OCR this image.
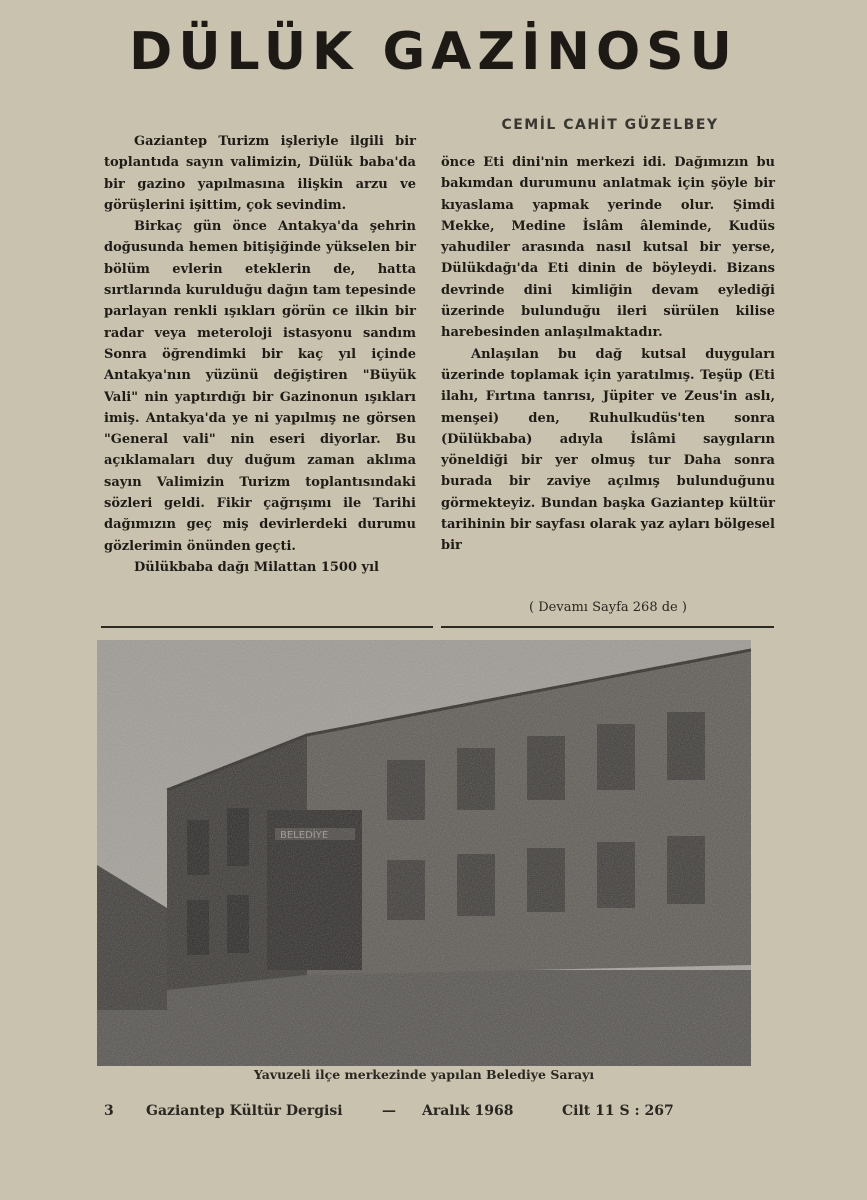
DÜLÜK GAZİNOSU
CEMİL CAHİT GÜZELBEY

Gaziantep Turizm işleriyle ilgili bir toplantıda sayın valimizin, Dülük baba'da bir gazino yapılmasına ilişkin arzu ve görüşlerini işittim, çok sevindim.

Birkaç gün önce Antakya'da şehrin doğusunda hemen bitişiğinde yükselen bir bölüm evlerin eteklerin de, hatta sırtlarında kurulduğu dağın tam tepesinde parlayan renkli ışıkları görün ce ilkin bir radar veya meteroloji istasyonu sandım Sonra öğrendimki bir kaç yıl içinde Antakya'nın yüzünü değiştiren "Büyük Vali" nin yaptırdığı bir Gazinonun ışıkları imiş. Antakya'da ye ni yapılmış ne görsen "General vali" nin eseri diyorlar. Bu açıklamaları duy duğum zaman aklıma sayın Valimizin Turizm toplantısındaki sözleri geldi. Fikir çağrışımı ile Tarihi dağımızın geç miş devirlerdeki durumu gözlerimin önünden geçti.

Dülükbaba dağı Milattan 1500 yıl

önce Eti dini'nin merkezi idi. Dağımızın bu bakımdan durumunu anlatmak için şöyle bir kıyaslama yapmak yerinde olur. Şimdi Mekke, Medine İslâm âleminde, Kudüs yahudiler arasında nasıl kutsal bir yerse, Dülükdağı'da Eti dinin de böyleydi. Bizans devrinde dini kimliğin devam eylediği üzerinde bulunduğu ileri sürülen kilise harebesinden anlaşılmaktadır.

Anlaşılan bu dağ kutsal duyguları üzerinde toplamak için yaratılmış. Teşüp (Eti ilahı, Fırtına tanrısı, Jüpiter ve Zeus'in aslı, menşei) den, Ruhulkudüs'ten sonra (Dülükbaba) adıyla İslâmi saygıların yöneldiği bir yer olmuş tur Daha sonra burada bir zaviye açılmış bulunduğunu görmekteyiz. Bundan başka Gaziantep kültür tarihinin bir sayfası olarak yaz ayları bölgesel bir

( Devamı Sayfa 268 de )
Yavuzeli ilçe merkezinde yapılan Belediye Sarayı
3 Gaziantep Kültür Dergisi	— Aralık 1968	Cilt 11 S : 267
